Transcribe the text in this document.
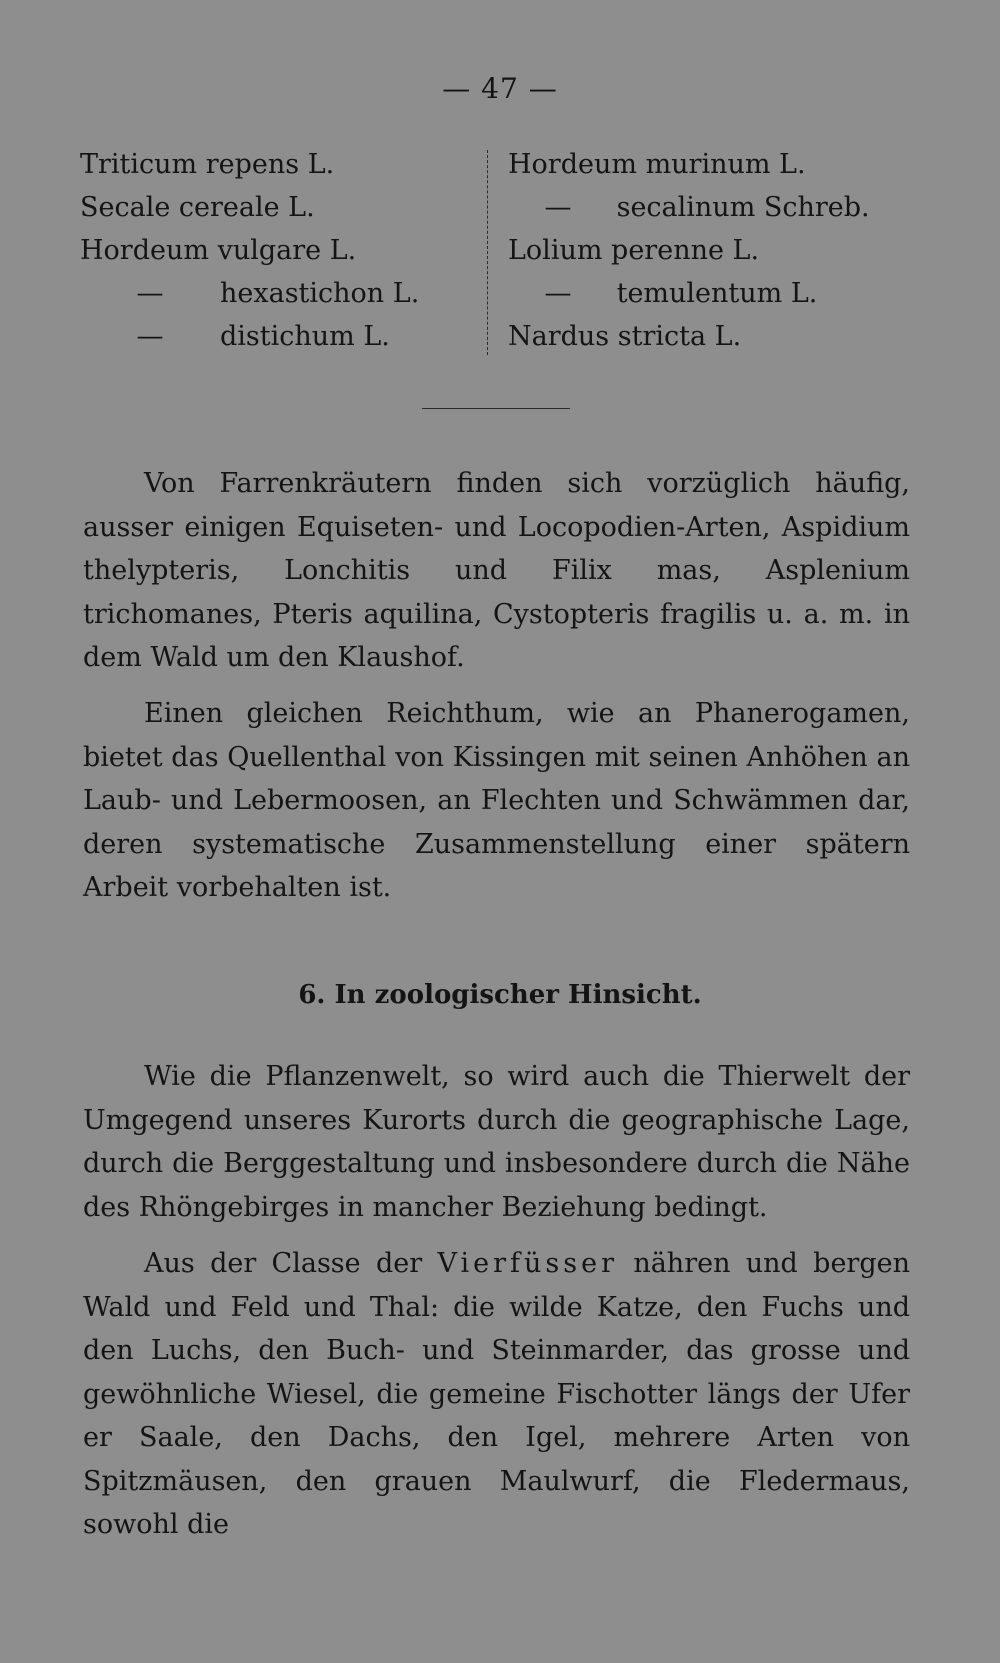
— 47 —
Triticum repens L.
Secale cereale L.
Hordeum vulgare L.
— hexastichon L.
— distichum L.
Hordeum murinum L.
— secalinum Schreb.
Lolium perenne L.
— temulentum L.
Nardus stricta L.

Von Farrenkräutern finden sich vorzüglich häufig, ausser einigen Equiseten- und Locopodien-Arten, Aspidium thelypteris, Lonchitis und Filix mas, Asplenium trichomanes, Pteris aquilina, Cystopteris fragilis u. a. m. in dem Wald um den Klaushof.

Einen gleichen Reichthum, wie an Phanerogamen, bietet das Quellenthal von Kissingen mit seinen Anhöhen an Laub- und Lebermoosen, an Flechten und Schwämmen dar, deren systematische Zusammenstellung einer spätern Arbeit vorbehalten ist.

6. In zoologischer Hinsicht.

Wie die Pflanzenwelt, so wird auch die Thierwelt der Umgegend unseres Kurorts durch die geographische Lage, durch die Berggestaltung und insbesondere durch die Nähe des Rhöngebirges in mancher Beziehung bedingt.

Aus der Classe der Vierfüsser nähren und bergen Wald und Feld und Thal: die wilde Katze, den Fuchs und den Luchs, den Buch- und Steinmarder, das grosse und gewöhnliche Wiesel, die gemeine Fischotter längs der Ufer er Saale, den Dachs, den Igel, mehrere Arten von Spitzmäusen, den grauen Maulwurf, die Fledermaus, sowohl die
